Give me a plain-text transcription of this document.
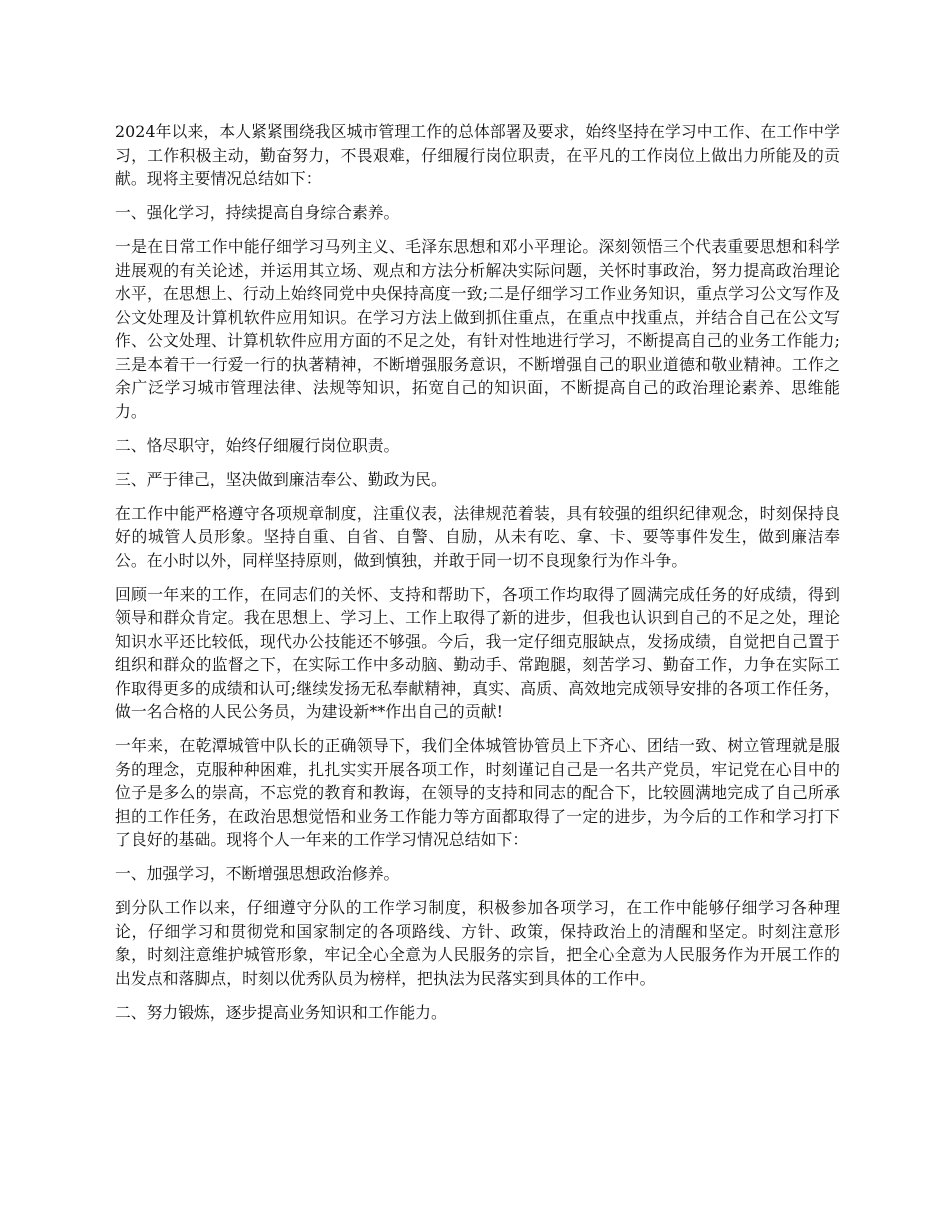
2024年以来，本人紧紧围绕我区城市管理工作的总体部署及要求，始终坚持在学习中工作、在工作中学习，工作积极主动，勤奋努力，不畏艰难，仔细履行岗位职责，在平凡的工作岗位上做出力所能及的贡献。现将主要情况总结如下：

一、强化学习，持续提高自身综合素养。

一是在日常工作中能仔细学习马列主义、毛泽东思想和邓小平理论。深刻领悟三个代表重要思想和科学进展观的有关论述，并运用其立场、观点和方法分析解决实际问题，关怀时事政治，努力提高政治理论水平，在思想上、行动上始终同党中央保持高度一致;二是仔细学习工作业务知识，重点学习公文写作及公文处理及计算机软件应用知识。在学习方法上做到抓住重点，在重点中找重点，并结合自己在公文写作、公文处理、计算机软件应用方面的不足之处，有针对性地进行学习，不断提高自己的业务工作能力;三是本着干一行爱一行的执著精神，不断增强服务意识，不断增强自己的职业道德和敬业精神。工作之余广泛学习城市管理法律、法规等知识，拓宽自己的知识面，不断提高自己的政治理论素养、思维能力。

二、恪尽职守，始终仔细履行岗位职责。

三、严于律己，坚决做到廉洁奉公、勤政为民。

在工作中能严格遵守各项规章制度，注重仪表，法律规范着装，具有较强的组织纪律观念，时刻保持良好的城管人员形象。坚持自重、自省、自警、自励，从未有吃、拿、卡、要等事件发生，做到廉洁奉公。在小时以外，同样坚持原则，做到慎独，并敢于同一切不良现象行为作斗争。

回顾一年来的工作，在同志们的关怀、支持和帮助下，各项工作均取得了圆满完成任务的好成绩，得到领导和群众肯定。我在思想上、学习上、工作上取得了新的进步，但我也认识到自己的不足之处，理论知识水平还比较低，现代办公技能还不够强。今后，我一定仔细克服缺点，发扬成绩，自觉把自己置于组织和群众的监督之下，在实际工作中多动脑、勤动手、常跑腿，刻苦学习、勤奋工作，力争在实际工作取得更多的成绩和认可;继续发扬无私奉献精神，真实、高质、高效地完成领导安排的各项工作任务，做一名合格的人民公务员，为建设新**作出自己的贡献!

一年来，在乾潭城管中队长的正确领导下，我们全体城管协管员上下齐心、团结一致、树立管理就是服务的理念，克服种种困难，扎扎实实开展各项工作，时刻谨记自己是一名共产党员，牢记党在心目中的位子是多么的崇高，不忘党的教育和教诲，在领导的支持和同志的配合下，比较圆满地完成了自己所承担的工作任务，在政治思想觉悟和业务工作能力等方面都取得了一定的进步，为今后的工作和学习打下了良好的基础。现将个人一年来的工作学习情况总结如下：

一、加强学习，不断增强思想政治修养。

到分队工作以来，仔细遵守分队的工作学习制度，积极参加各项学习，在工作中能够仔细学习各种理论，仔细学习和贯彻党和国家制定的各项路线、方针、政策，保持政治上的清醒和坚定。时刻注意形象，时刻注意维护城管形象，牢记全心全意为人民服务的宗旨，把全心全意为人民服务作为开展工作的出发点和落脚点，时刻以优秀队员为榜样，把执法为民落实到具体的工作中。

二、努力锻炼，逐步提高业务知识和工作能力。
